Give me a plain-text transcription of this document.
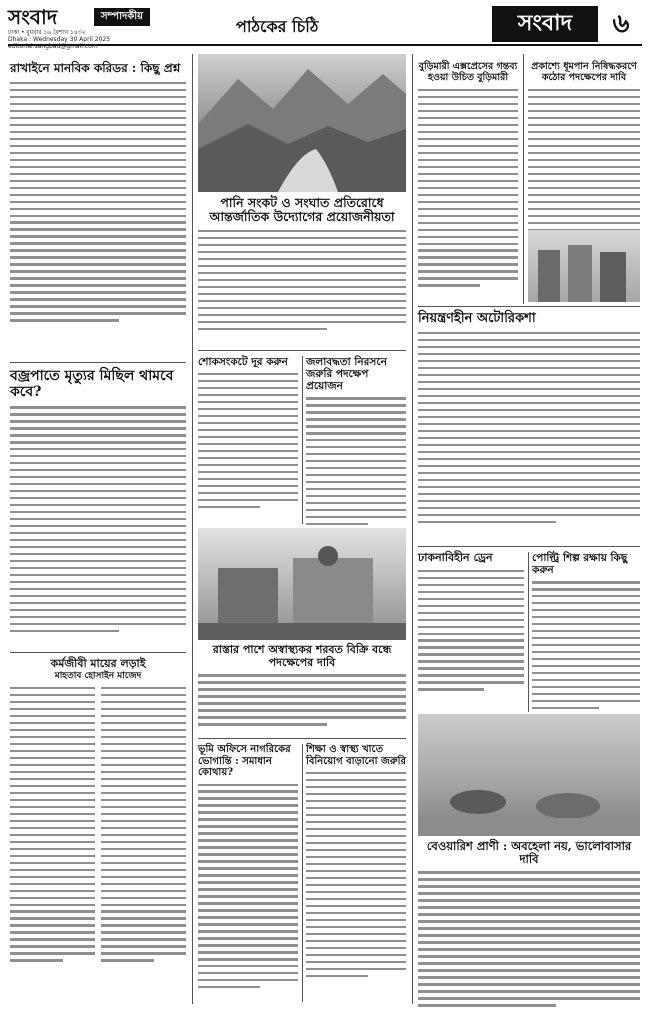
সংবাদ	সম্পাদকীয়
ঢাকা • বুধবার ১৬ বৈশাখ ১৪৩২
Dhaka : Wednesday 30 April 2025
editorial.sangbad@gmail.com
পাঠকের চিঠি	সংবাদ	৬
রাখাইনে মানবিক করিডর : কিছু প্রশ্ন
বজ্রপাতে মৃত্যুর মিছিল থামবে কবে?
কর্মজীবী মায়ের লড়াই
মাহতাব হোসাইন মাজেদ
পানি সংকট ও সংঘাত প্রতিরোধে আন্তর্জাতিক উদ্যোগের প্রয়োজনীয়তা
শোকসংকটে দূর করুন	জলাবদ্ধতা নিরসনে জরুরি পদক্ষেপ প্রয়োজন
রাস্তার পাশে অস্বাস্থ্যকর শরবত বিক্রি বন্ধে পদক্ষেপের দাবি
ভূমি অফিসে নাগরিকের ভোগান্তি : সমাধান কোথায়?
শিক্ষা ও স্বাস্থ্য খাতে বিনিয়োগ বাড়ানো জরুরি
বুড়িমারী এক্সপ্রেসের গন্তব্য হওয়া উচিত বুড়িমারী
প্রকাশ্যে ধূমপান নিষিদ্ধকরণে কঠোর পদক্ষেপের দাবি
নিয়ন্ত্রণহীন অটোরিকশা
ঢাকনাবিহীন ড্রেন	পোল্ট্রি শিল্প রক্ষায় কিছু করুন
বেওয়ারিশ প্রাণী : অবহেলা নয়, ভালোবাসার দাবি
